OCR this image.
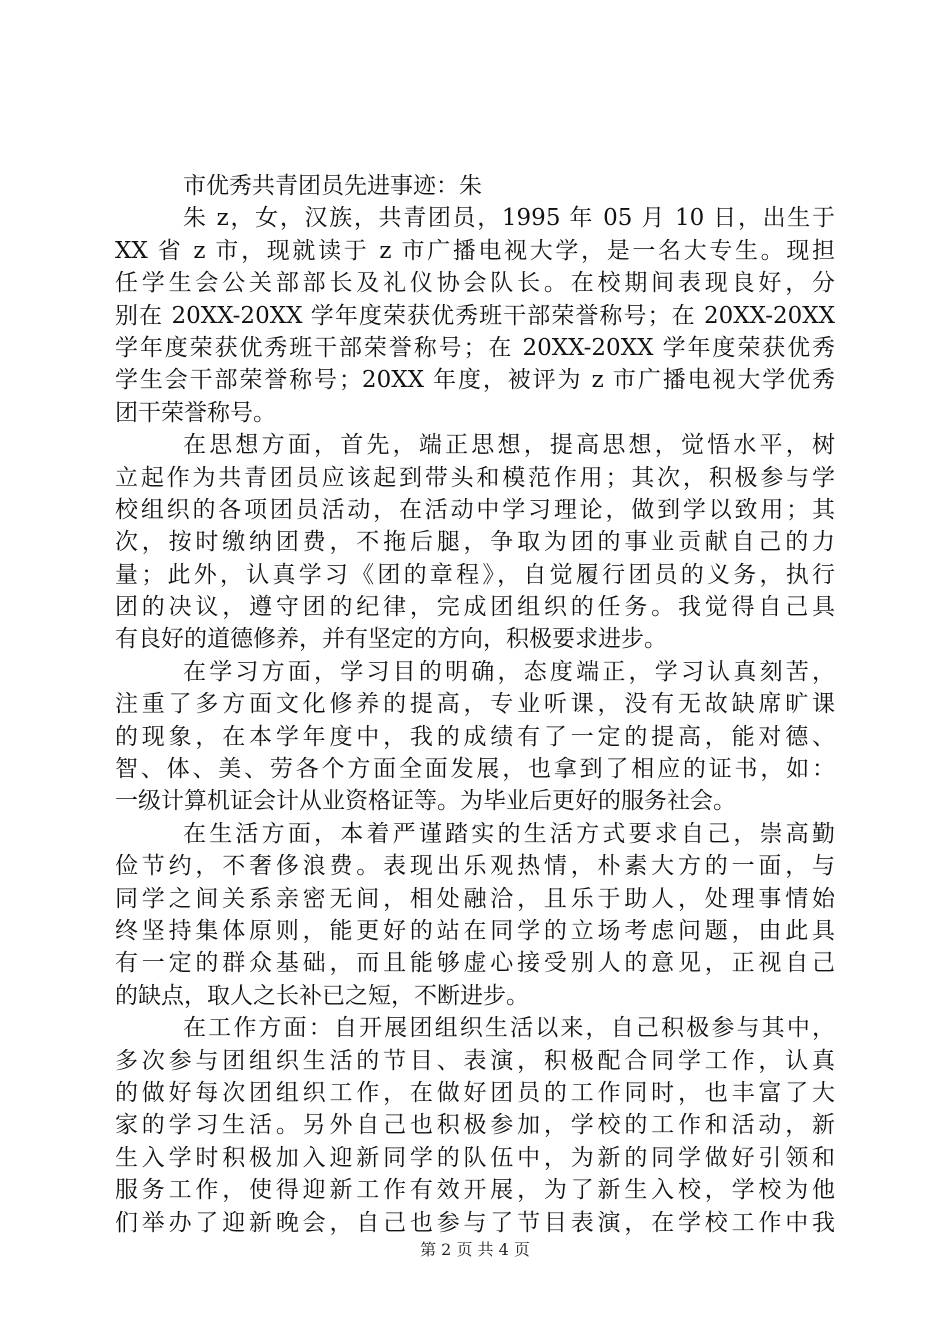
市优秀共青团员先进事迹：朱
朱 z，女，汉族，共青团员，1995 年 05 月 10 日，出生于
XX 省 z 市，现就读于 z 市广播电视大学，是一名大专生。现担
任学生会公关部部长及礼仪协会队长。在校期间表现良好，分
别在 20XX-20XX 学年度荣获优秀班干部荣誉称号；在 20XX-20XX
学年度荣获优秀班干部荣誉称号；在 20XX-20XX 学年度荣获优秀
学生会干部荣誉称号；20XX 年度，被评为 z 市广播电视大学优秀
团干荣誉称号。
在思想方面，首先，端正思想，提高思想，觉悟水平，树
立起作为共青团员应该起到带头和模范作用；其次，积极参与学
校组织的各项团员活动，在活动中学习理论，做到学以致用；其
次，按时缴纳团费，不拖后腿，争取为团的事业贡献自己的力
量；此外，认真学习《团的章程》，自觉履行团员的义务，执行
团的决议，遵守团的纪律，完成团组织的任务。我觉得自己具
有良好的道德修养，并有坚定的方向，积极要求进步。
在学习方面，学习目的明确，态度端正，学习认真刻苦，
注重了多方面文化修养的提高，专业听课，没有无故缺席旷课
的现象，在本学年度中，我的成绩有了一定的提高，能对德、
智、体、美、劳各个方面全面发展，也拿到了相应的证书，如：
一级计算机证会计从业资格证等。为毕业后更好的服务社会。
在生活方面，本着严谨踏实的生活方式要求自己，崇高勤
俭节约，不奢侈浪费。表现出乐观热情，朴素大方的一面，与
同学之间关系亲密无间，相处融洽，且乐于助人，处理事情始
终坚持集体原则，能更好的站在同学的立场考虑问题，由此具
有一定的群众基础，而且能够虚心接受别人的意见，正视自己
的缺点，取人之长补已之短，不断进步。
在工作方面：自开展团组织生活以来，自己积极参与其中，
多次参与团组织生活的节目、表演，积极配合同学工作，认真
的做好每次团组织工作，在做好团员的工作同时，也丰富了大
家的学习生活。另外自己也积极参加，学校的工作和活动，新
生入学时积极加入迎新同学的队伍中，为新的同学做好引领和
服务工作，使得迎新工作有效开展，为了新生入校，学校为他
们举办了迎新晚会，自己也参与了节目表演，在学校工作中我
第 2 页 共 4 页
